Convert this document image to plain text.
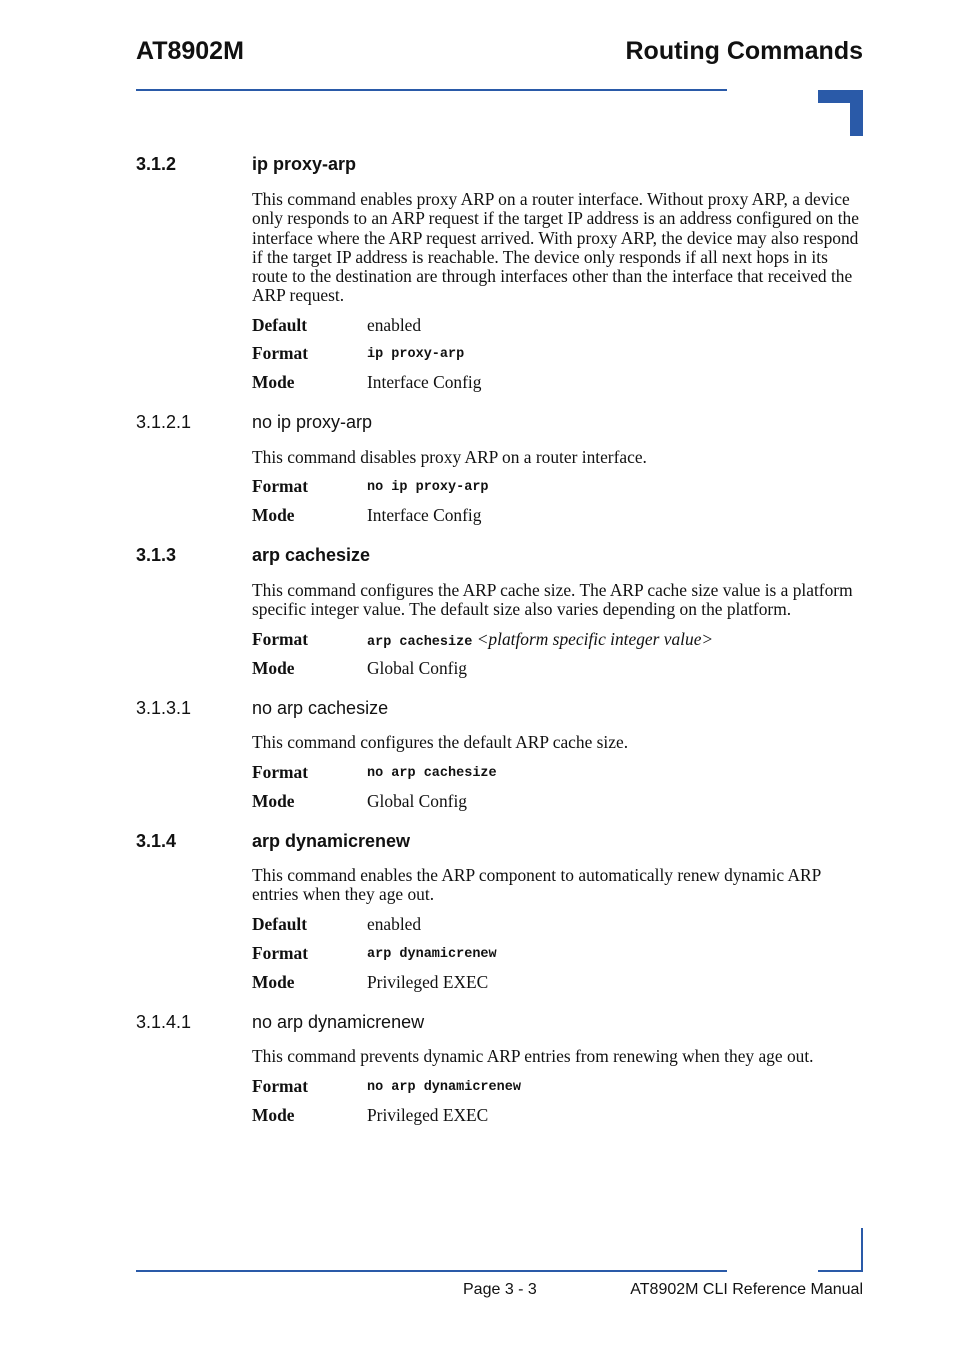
AT8902M	Routing Commands
3.1.2	ip proxy-arp
This command enables proxy ARP on a router interface. Without proxy ARP, a device only responds to an ARP request if the target IP address is an address configured on the interface where the ARP request arrived. With proxy ARP, the device may also respond if the target IP address is reachable. The device only responds if all next hops in its route to the destination are through interfaces other than the interface that received the ARP request.
Default	enabled
Format	ip proxy-arp
Mode	Interface Config
3.1.2.1	no ip proxy-arp
This command disables proxy ARP on a router interface.
Format	no ip proxy-arp
Mode	Interface Config
3.1.3	arp cachesize
This command configures the ARP cache size. The ARP cache size value is a platform specific integer value. The default size also varies depending on the platform.
Format	arp cachesize <platform specific integer value>
Mode	Global Config
3.1.3.1	no arp cachesize
This command configures the default ARP cache size.
Format	no arp cachesize
Mode	Global Config
3.1.4	arp dynamicrenew
This command enables the ARP component to automatically renew dynamic ARP entries when they age out.
Default	enabled
Format	arp dynamicrenew
Mode	Privileged EXEC
3.1.4.1	no arp dynamicrenew
This command prevents dynamic ARP entries from renewing when they age out.
Format	no arp dynamicrenew
Mode	Privileged EXEC
Page 3 - 3	AT8902M CLI Reference Manual
